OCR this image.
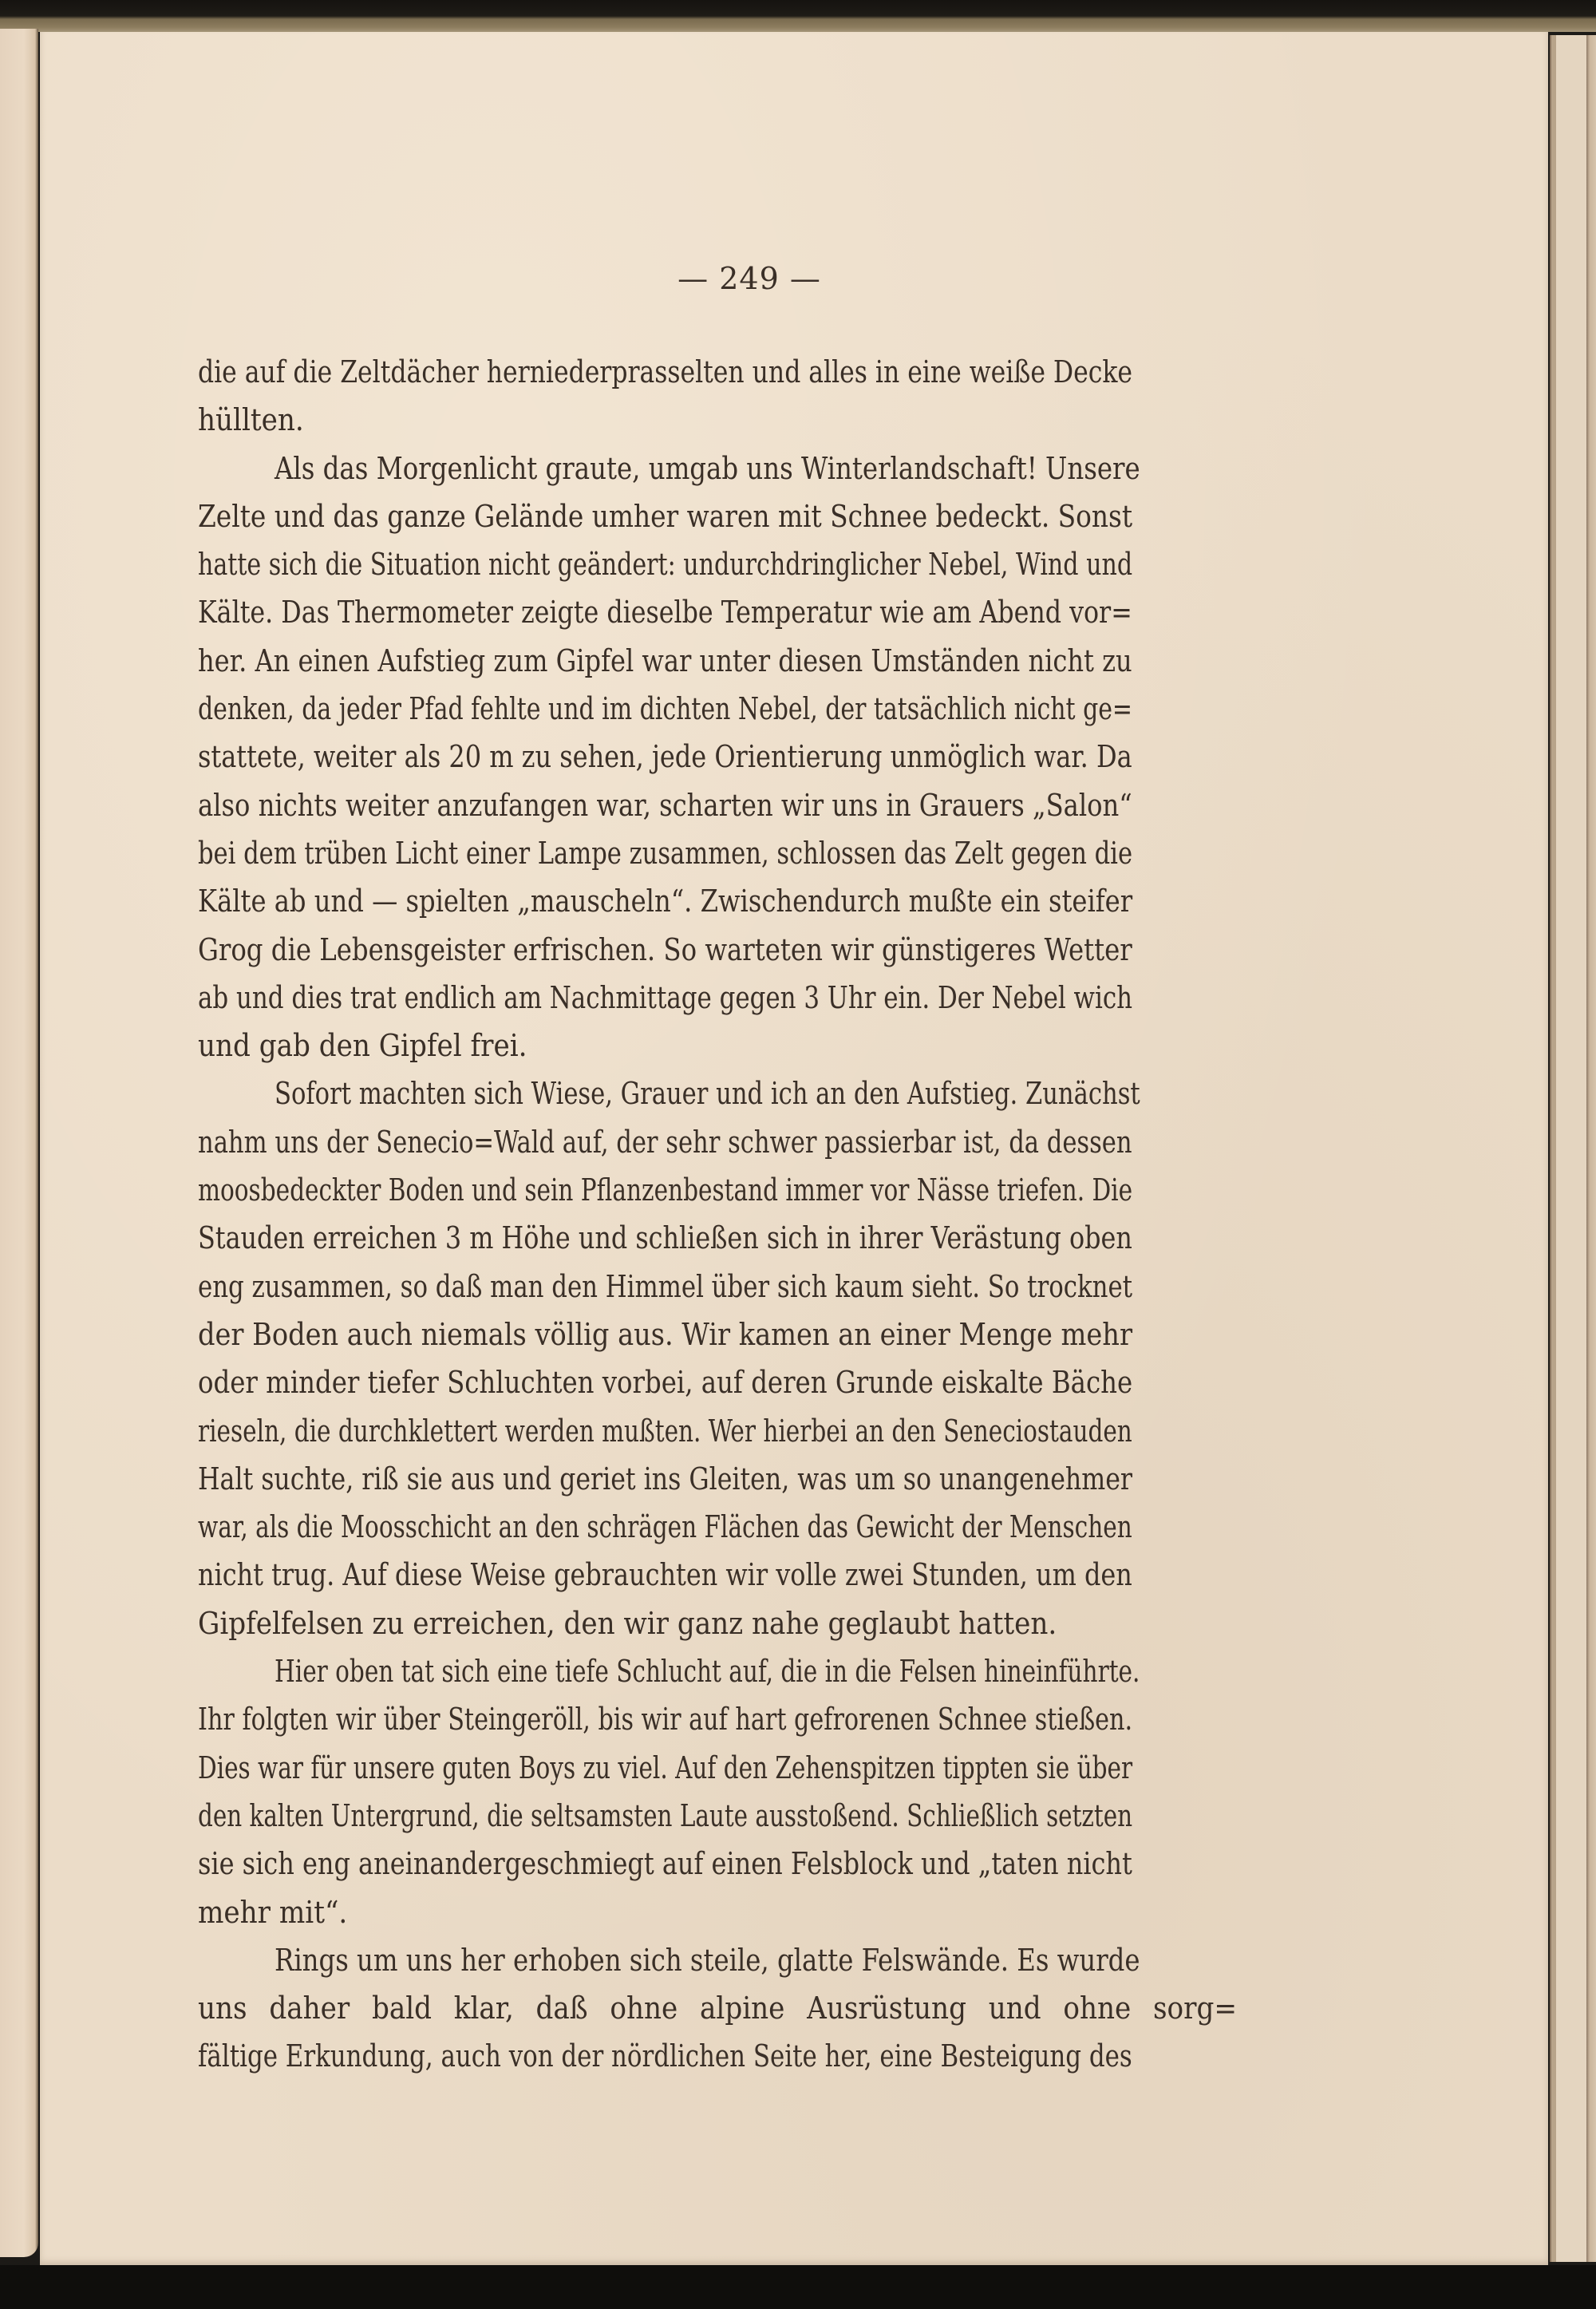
— 249 —
die auf die Zeltdächer herniederprasselten und alles in eine weiße Decke
hüllten.
Als das Morgenlicht graute, umgab uns Winterlandschaft! Unsere
Zelte und das ganze Gelände umher waren mit Schnee bedeckt. Sonst
hatte sich die Situation nicht geändert: undurchdringlicher Nebel, Wind und
Kälte. Das Thermometer zeigte dieselbe Temperatur wie am Abend vor=
her. An einen Aufstieg zum Gipfel war unter diesen Umständen nicht zu
denken, da jeder Pfad fehlte und im dichten Nebel, der tatsächlich nicht ge=
stattete, weiter als 20 m zu sehen, jede Orientierung unmöglich war. Da
also nichts weiter anzufangen war, scharten wir uns in Grauers „Salon“
bei dem trüben Licht einer Lampe zusammen, schlossen das Zelt gegen die
Kälte ab und — spielten „mauscheln“. Zwischendurch mußte ein steifer
Grog die Lebensgeister erfrischen. So warteten wir günstigeres Wetter
ab und dies trat endlich am Nachmittage gegen 3 Uhr ein. Der Nebel wich
und gab den Gipfel frei.
Sofort machten sich Wiese, Grauer und ich an den Aufstieg. Zunächst
nahm uns der Senecio=Wald auf, der sehr schwer passierbar ist, da dessen
moosbedeckter Boden und sein Pflanzenbestand immer vor Nässe triefen. Die
Stauden erreichen 3 m Höhe und schließen sich in ihrer Verästung oben
eng zusammen, so daß man den Himmel über sich kaum sieht. So trocknet
der Boden auch niemals völlig aus. Wir kamen an einer Menge mehr
oder minder tiefer Schluchten vorbei, auf deren Grunde eiskalte Bäche
rieseln, die durchklettert werden mußten. Wer hierbei an den Seneciostauden
Halt suchte, riß sie aus und geriet ins Gleiten, was um so unangenehmer
war, als die Moosschicht an den schrägen Flächen das Gewicht der Menschen
nicht trug. Auf diese Weise gebrauchten wir volle zwei Stunden, um den
Gipfelfelsen zu erreichen, den wir ganz nahe geglaubt hatten.
Hier oben tat sich eine tiefe Schlucht auf, die in die Felsen hineinführte.
Ihr folgten wir über Steingeröll, bis wir auf hart gefrorenen Schnee stießen.
Dies war für unsere guten Boys zu viel. Auf den Zehenspitzen tippten sie über
den kalten Untergrund, die seltsamsten Laute ausstoßend. Schließlich setzten
sie sich eng aneinandergeschmiegt auf einen Felsblock und „taten nicht
mehr mit“.
Rings um uns her erhoben sich steile, glatte Felswände. Es wurde
uns daher bald klar, daß ohne alpine Ausrüstung und ohne sorg=
fältige Erkundung, auch von der nördlichen Seite her, eine Besteigung des
